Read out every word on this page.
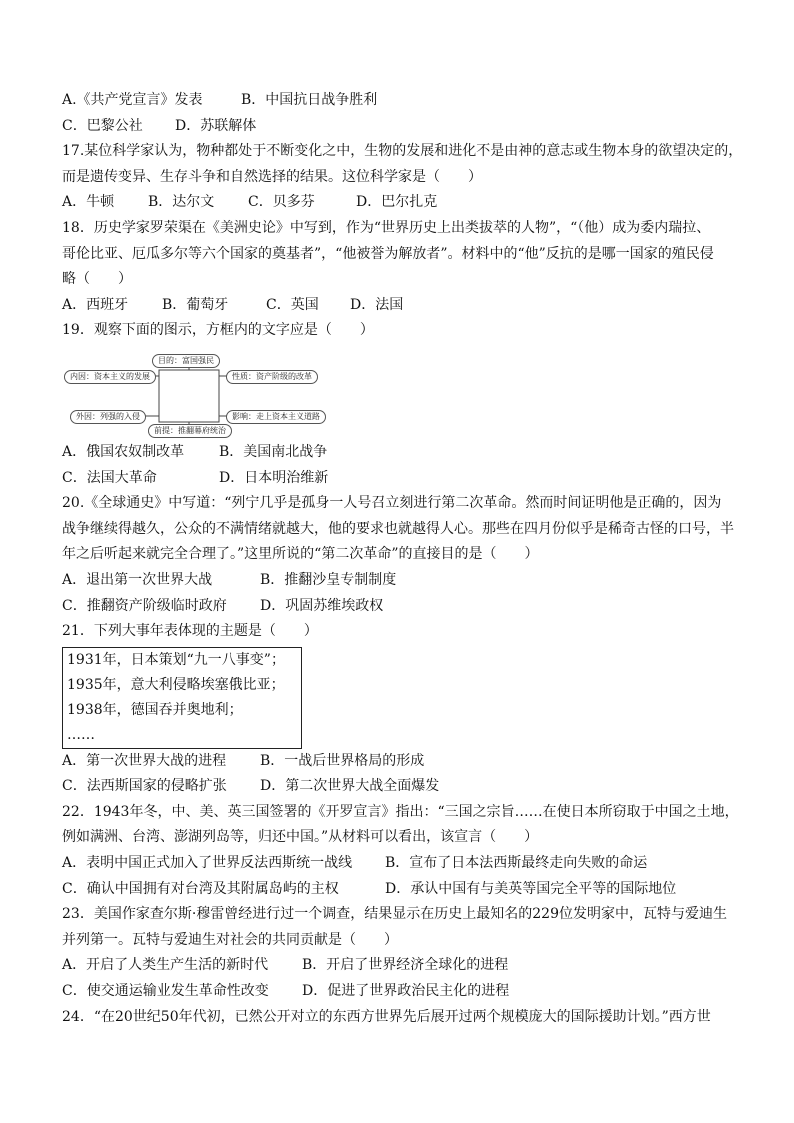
A.《共产党宣言》发表	B．中国抗日战争胜利
C．巴黎公社	D．苏联解体
17.某位科学家认为，物种都处于不断变化之中，生物的发展和进化不是由神的意志或生物本身的欲望决定的，
而是遗传变异、生存斗争和自然选择的结果。这位科学家是（　　）
A．牛顿	B．达尔文	C．贝多芬	D．巴尔扎克
18．历史学家罗荣渠在《美洲史论》中写到，作为“世界历史上出类拔萃的人物”，“（他）成为委内瑞拉、
哥伦比亚、厄瓜多尔等六个国家的奠基者”，“他被誉为解放者”。材料中的“他”反抗的是哪一国家的殖民侵
略（　　）
A．西班牙	B．葡萄牙	C．英国	D．法国
19．观察下面的图示，方框内的文字应是（　　）
目的：富国强民
内因：资本主义的发展
外因：列强的入侵
性质：资产阶级的改革
影响：走上资本主义道路
前提：推翻幕府统治
A．俄国农奴制改革	B．美国南北战争
C．法国大革命	D．日本明治维新
20.《全球通史》中写道：“列宁几乎是孤身一人号召立刻进行第二次革命。然而时间证明他是正确的，因为
战争继续得越久，公众的不满情绪就越大，他的要求也就越得人心。那些在四月份似乎是稀奇古怪的口号，半
年之后听起来就完全合理了。”这里所说的“第二次革命”的直接目的是（　　）
A．退出第一次世界大战	B．推翻沙皇专制制度
C．推翻资产阶级临时政府	D．巩固苏维埃政权
21．下列大事年表体现的主题是（　　）
1931年，日本策划“九一八事变”；
1935年，意大利侵略埃塞俄比亚；
1938年，德国吞并奥地利；
……
A．第一次世界大战的进程	B．一战后世界格局的形成
C．法西斯国家的侵略扩张	D．第二次世界大战全面爆发
22．1943年冬，中、美、英三国签署的《开罗宣言》指出：“三国之宗旨……在使日本所窃取于中国之土地，
例如满洲、台湾、澎湖列岛等，归还中国。”从材料可以看出，该宣言（　　）
A．表明中国正式加入了世界反法西斯统一战线	B．宣布了日本法西斯最终走向失败的命运
C．确认中国拥有对台湾及其附属岛屿的主权	D．承认中国有与美英等国完全平等的国际地位
23．美国作家查尔斯·穆雷曾经进行过一个调查，结果显示在历史上最知名的229位发明家中，瓦特与爱迪生
并列第一。瓦特与爱迪生对社会的共同贡献是（　　）
A．开启了人类生产生活的新时代	B．开启了世界经济全球化的进程
C．使交通运输业发生革命性改变	D．促进了世界政治民主化的进程
24．“在20世纪50年代初，已然公开对立的东西方世界先后展开过两个规模庞大的国际援助计划。”西方世
